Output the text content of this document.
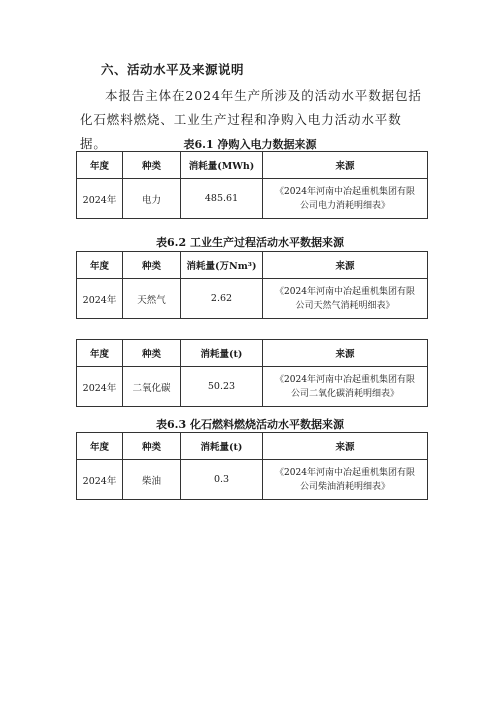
六、活动水平及来源说明
本报告主体在2024年生产所涉及的活动水平数据包括化石燃料燃烧、工业生产过程和净购入电力活动水平数据。	表6.1 净购入电力数据来源
年度	种类	消耗量(MWh)	来源
2024年	电力	485.61	《2024年河南中冶起重机集团有限
公司电力消耗明细表》
表6.2 工业生产过程活动水平数据来源
年度	种类	消耗量(万Nm³)	来源
2024年	天然气	2.62	《2024年河南中冶起重机集团有限
公司天然气消耗明细表》
年度	种类	消耗量(t)	来源
2024年	二氧化碳	50.23	《2024年河南中冶起重机集团有限
公司二氧化碳消耗明细表》
表6.3 化石燃料燃烧活动水平数据来源
年度	种类	消耗量(t)	来源
2024年	柴油	0.3	《2024年河南中冶起重机集团有限
公司柴油消耗明细表》
